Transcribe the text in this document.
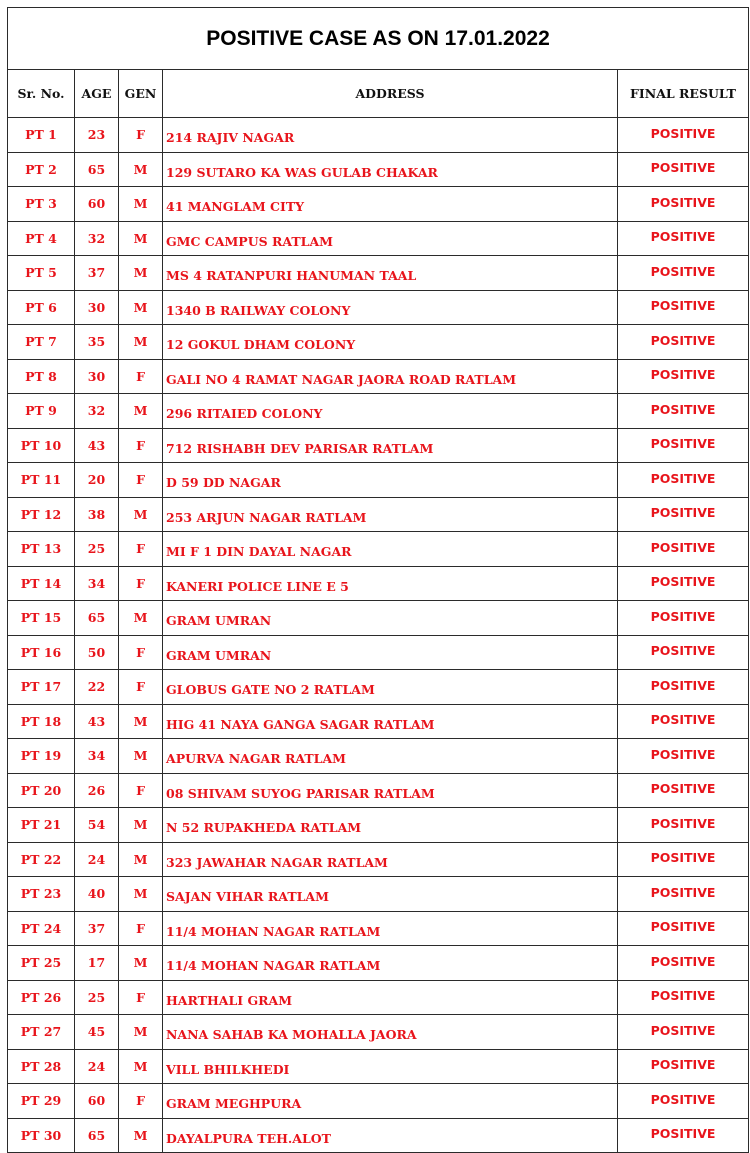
POSITIVE CASE AS ON 17.01.2022				
Sr. No.	AGE	GEN	ADDRESS	FINAL RESULT
PT 1	23	F	214 RAJIV NAGAR	POSITIVE
PT 2	65	M	129 SUTARO KA WAS GULAB CHAKAR	POSITIVE
PT 3	60	M	41 MANGLAM CITY	POSITIVE
PT 4	32	M	GMC CAMPUS RATLAM	POSITIVE
PT 5	37	M	MS 4 RATANPURI HANUMAN TAAL	POSITIVE
PT 6	30	M	1340 B RAILWAY COLONY	POSITIVE
PT 7	35	M	12 GOKUL DHAM COLONY	POSITIVE
PT 8	30	F	GALI NO 4 RAMAT NAGAR JAORA ROAD RATLAM	POSITIVE
PT 9	32	M	296 RITAIED COLONY	POSITIVE
PT 10	43	F	712 RISHABH DEV PARISAR RATLAM	POSITIVE
PT 11	20	F	D 59 DD NAGAR	POSITIVE
PT 12	38	M	253 ARJUN NAGAR RATLAM	POSITIVE
PT 13	25	F	MI F 1 DIN DAYAL NAGAR	POSITIVE
PT 14	34	F	KANERI POLICE LINE E 5	POSITIVE
PT 15	65	M	GRAM UMRAN	POSITIVE
PT 16	50	F	GRAM UMRAN	POSITIVE
PT 17	22	F	GLOBUS GATE NO 2 RATLAM	POSITIVE
PT 18	43	M	HIG 41 NAYA GANGA SAGAR RATLAM	POSITIVE
PT 19	34	M	APURVA NAGAR RATLAM	POSITIVE
PT 20	26	F	08 SHIVAM SUYOG PARISAR RATLAM	POSITIVE
PT 21	54	M	N 52 RUPAKHEDA RATLAM	POSITIVE
PT 22	24	M	323 JAWAHAR NAGAR RATLAM	POSITIVE
PT 23	40	M	SAJAN VIHAR RATLAM	POSITIVE
PT 24	37	F	11/4 MOHAN NAGAR RATLAM	POSITIVE
PT 25	17	M	11/4 MOHAN NAGAR RATLAM	POSITIVE
PT 26	25	F	HARTHALI GRAM	POSITIVE
PT 27	45	M	NANA SAHAB KA MOHALLA JAORA	POSITIVE
PT 28	24	M	VILL BHILKHEDI	POSITIVE
PT 29	60	F	GRAM MEGHPURA	POSITIVE
PT 30	65	M	DAYALPURA TEH.ALOT	POSITIVE
